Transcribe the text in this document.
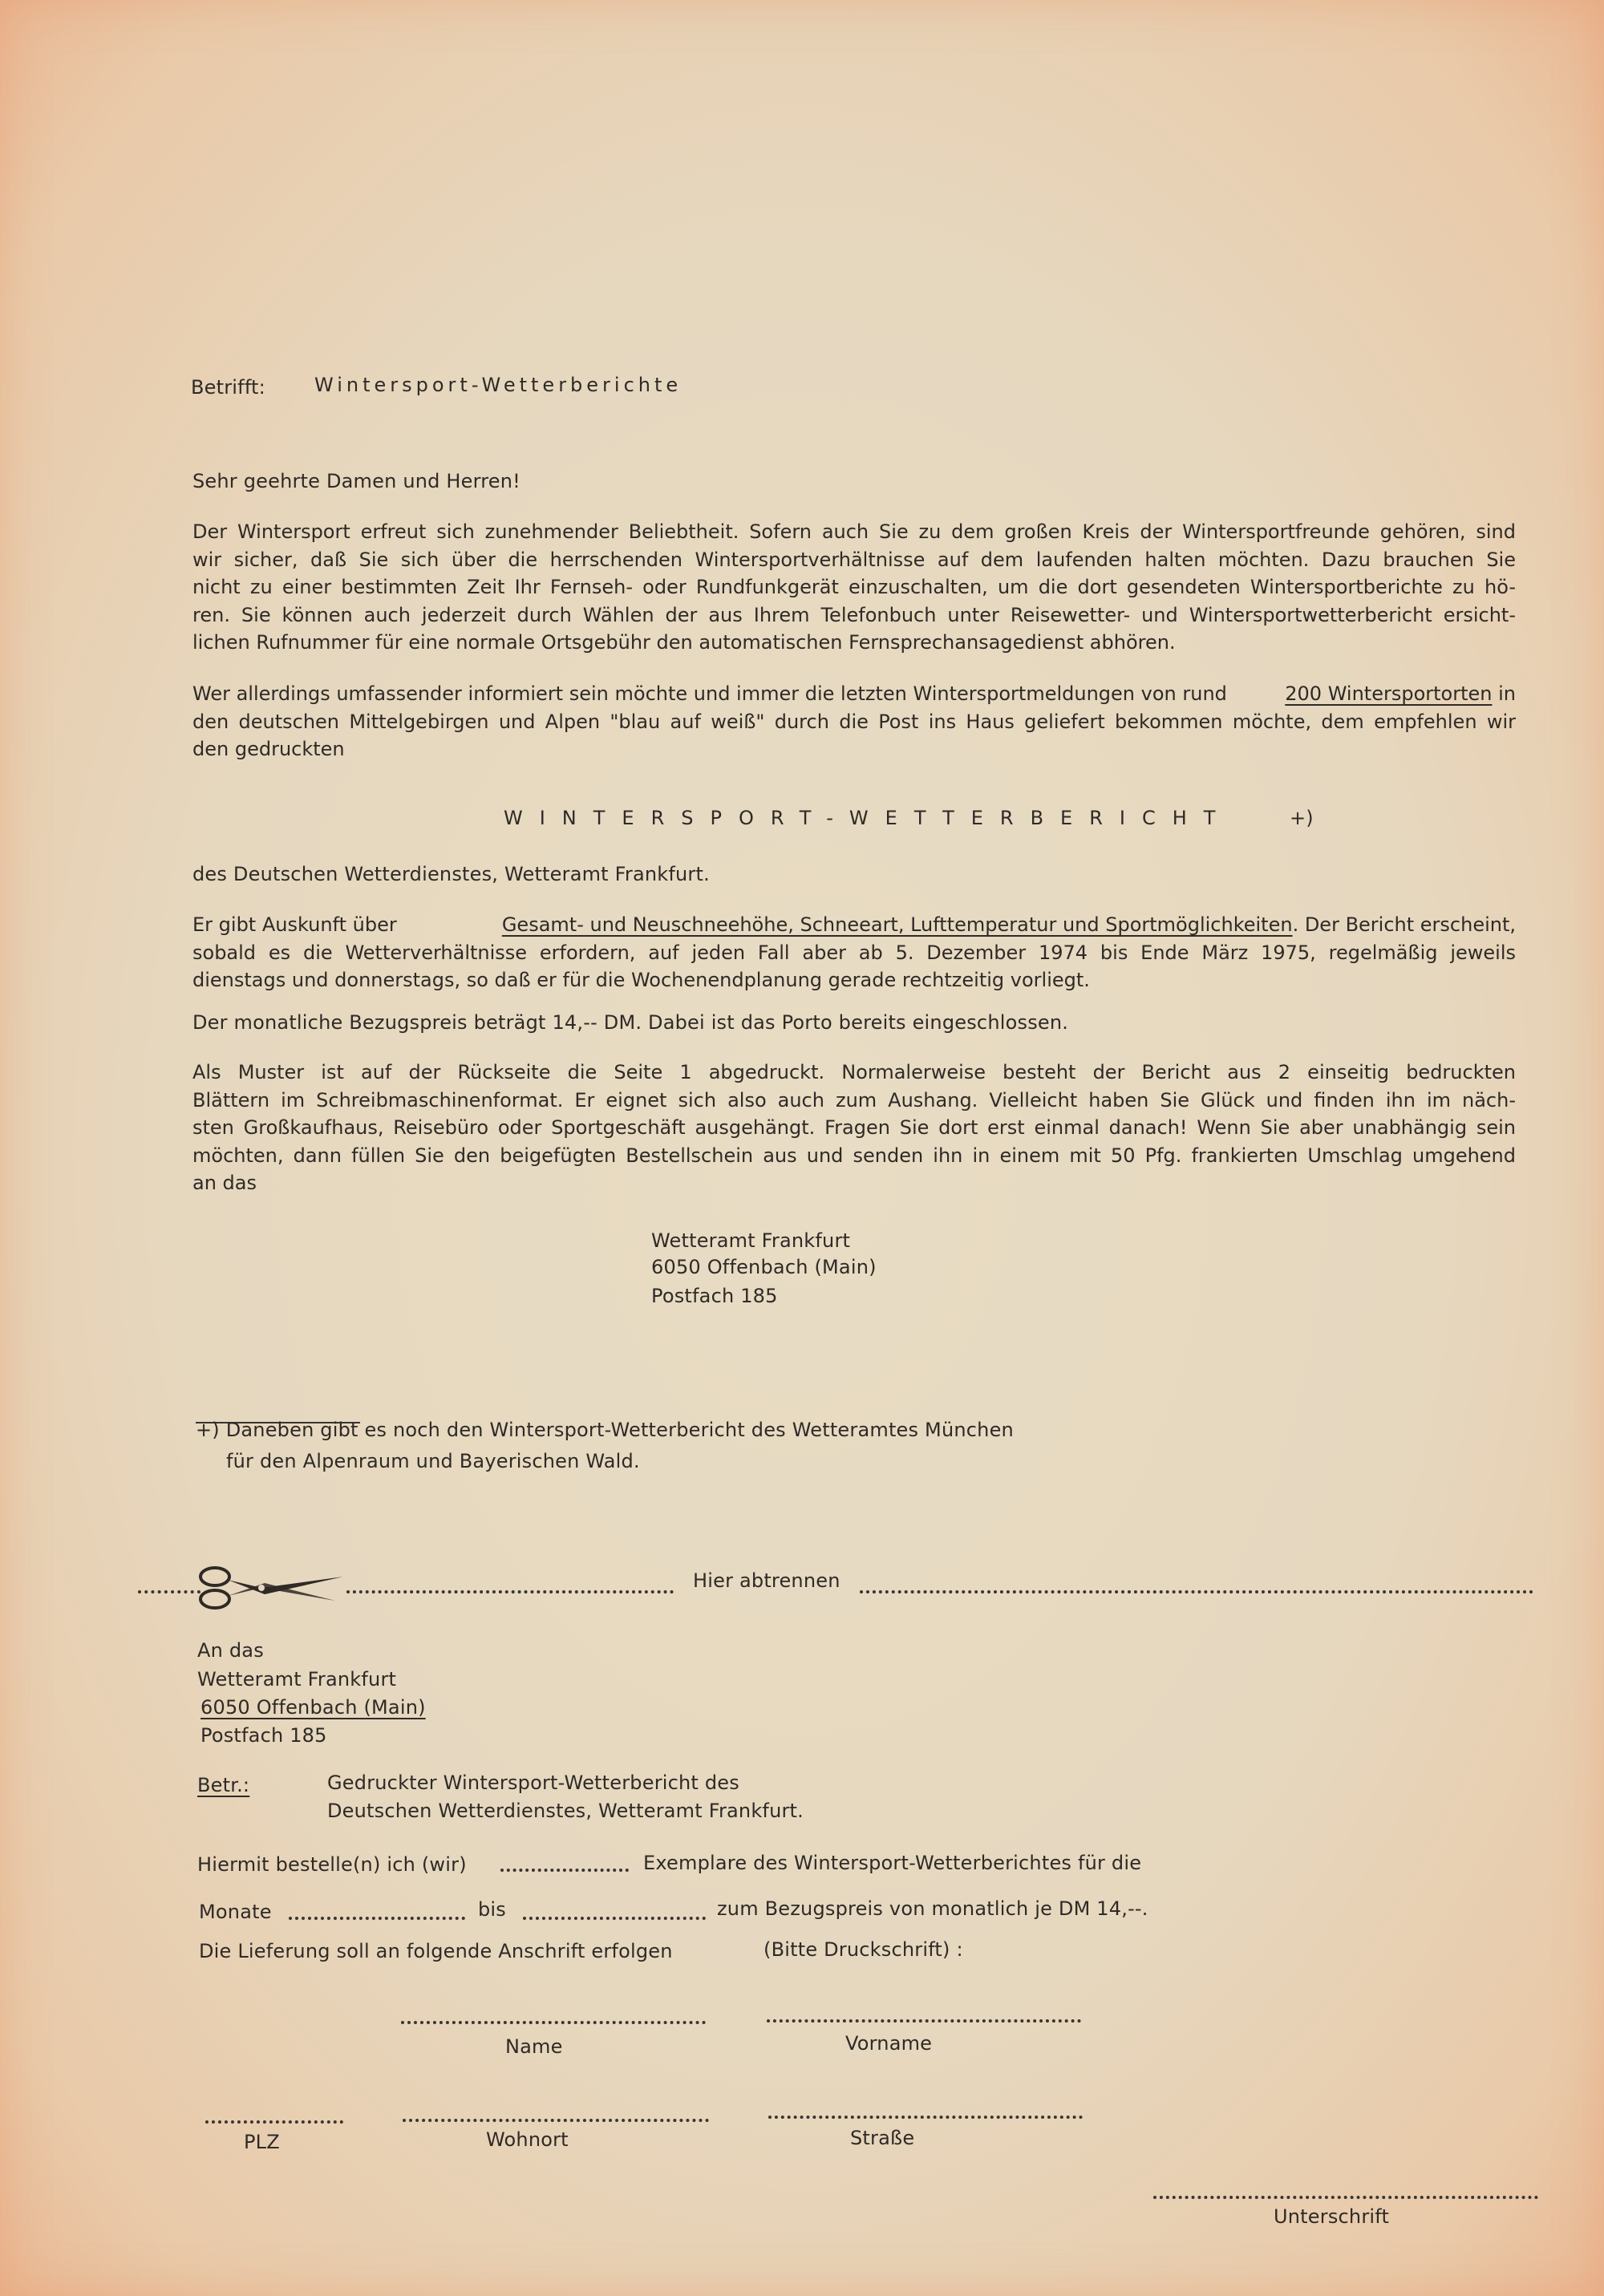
Betrifft:	Wintersport-Wetterberichte
Sehr geehrte Damen und Herren!
Der Wintersport erfreut sich zunehmender Beliebtheit. Sofern auch Sie zu dem großen Kreis der Wintersportfreunde gehören, sind
wir sicher, daß Sie sich über die herrschenden Wintersportverhältnisse auf dem laufenden halten möchten. Dazu brauchen Sie
nicht zu einer bestimmten Zeit Ihr Fernseh- oder Rundfunkgerät einzuschalten, um die dort gesendeten Wintersportberichte zu hö-
ren. Sie können auch jederzeit durch Wählen der aus Ihrem Telefonbuch unter Reisewetter- und Wintersportwetterbericht ersicht-
lichen Rufnummer für eine normale Ortsgebühr den automatischen Fernsprechansagedienst abhören.
Wer allerdings umfassender informiert sein möchte und immer die letzten Wintersportmeldungen von rund	200 Wintersportorten in
den deutschen Mittelgebirgen und Alpen "blau auf weiß" durch die Post ins Haus geliefert bekommen möchte, dem empfehlen wir
den gedruckten
WINTERSPORT-WETTERBERICHT	+)
des Deutschen Wetterdienstes, Wetteramt Frankfurt.
Er gibt Auskunft über	Gesamt- und Neuschneehöhe, Schneeart, Lufttemperatur und Sportmöglichkeiten. Der Bericht erscheint,
sobald es die Wetterverhältnisse erfordern, auf jeden Fall aber ab 5. Dezember 1974 bis Ende März 1975, regelmäßig jeweils
dienstags und donnerstags, so daß er für die Wochenendplanung gerade rechtzeitig vorliegt.
Der monatliche Bezugspreis beträgt 14,-- DM. Dabei ist das Porto bereits eingeschlossen.
Als Muster ist auf der Rückseite die Seite 1 abgedruckt. Normalerweise besteht der Bericht aus 2 einseitig bedruckten
Blättern im Schreibmaschinenformat. Er eignet sich also auch zum Aushang. Vielleicht haben Sie Glück und finden ihn im näch-
sten Großkaufhaus, Reisebüro oder Sportgeschäft ausgehängt. Fragen Sie dort erst einmal danach! Wenn Sie aber unabhängig sein
möchten, dann füllen Sie den beigefügten Bestellschein aus und senden ihn in einem mit 50 Pfg. frankierten Umschlag umgehend
an das
Wetteramt Frankfurt
6050 Offenbach (Main)
Postfach 185
+) Daneben gibt es noch den Wintersport-Wetterbericht des Wetteramtes München
für den Alpenraum und Bayerischen Wald.
Hier abtrennen
An das
Wetteramt Frankfurt
6050 Offenbach (Main)
Postfach 185
Betr.:	Gedruckter Wintersport-Wetterbericht des
Deutschen Wetterdienstes, Wetteramt Frankfurt.
Hiermit bestelle(n) ich (wir)	Exemplare des Wintersport-Wetterberichtes für die
Monate	bis	zum Bezugspreis von monatlich je DM 14,--.
Die Lieferung soll an folgende Anschrift erfolgen	(Bitte Druckschrift) :
Name	Vorname
PLZ	Wohnort	Straße
Unterschrift
